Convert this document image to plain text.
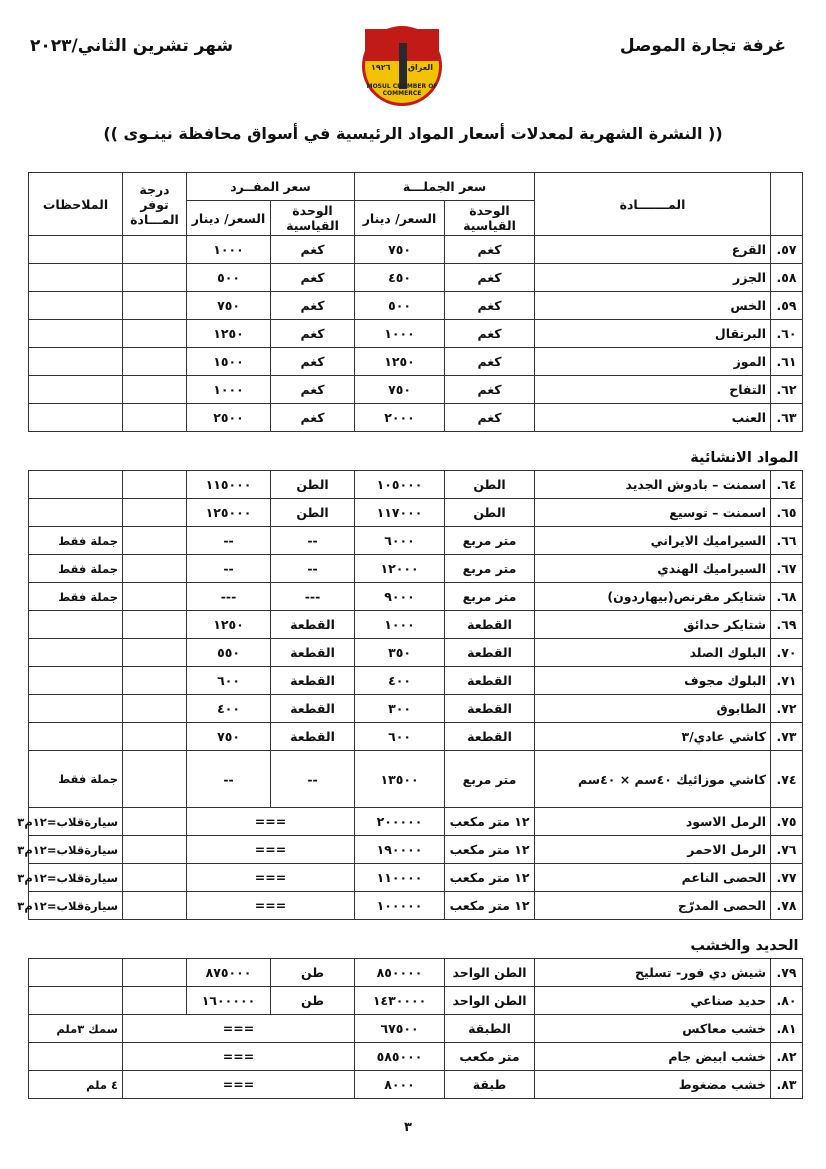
غرفة تجارة الموصل
شهر تشرين الثاني/٢٠٢٣
١٩٢٦ العراق
MOSUL CHAMBER OF COMMERCE
(( النشرة الشهرية لمعدلات أسعار المواد الرئيسية في أسواق محافظة نينـوى ))
	المـــــــادة	سعر الجملـــة		سعر المفــرد		درجة توفر المـــادة	الملاحظات
		الوحدة القياسية	السعر/ دينار	الوحدة القياسية	السعر/ دينار		
٥٧.	القرع	كغم	٧٥٠	كغم	١٠٠٠		
٥٨.	الجزر	كغم	٤٥٠	كغم	٥٠٠		
٥٩.	الخس	كغم	٥٠٠	كغم	٧٥٠		
٦٠.	البرتقال	كغم	١٠٠٠	كغم	١٢٥٠		
٦١.	الموز	كغم	١٢٥٠	كغم	١٥٠٠		
٦٢.	التفاح	كغم	٧٥٠	كغم	١٠٠٠		
٦٣.	العنب	كغم	٢٠٠٠	كغم	٢٥٠٠		
المواد الانشائية							
٦٤.	اسمنت – بادوش الجديد	الطن	١٠٥٠٠٠	الطن	١١٥٠٠٠		
٦٥.	اسمنت – توسيع	الطن	١١٧٠٠٠	الطن	١٢٥٠٠٠		
٦٦.	السيراميك الايراني	متر مربع	٦٠٠٠	--	--		جملة فقط
٦٧.	السيراميك الهندي	متر مربع	١٢٠٠٠	--	--		جملة فقط
٦٨.	شتايكر مقرنص(بيهاردون)	متر مربع	٩٠٠٠	---	---		جملة فقط
٦٩.	شتايكر حدائق	القطعة	١٠٠٠	القطعة	١٢٥٠		
٧٠.	البلوك الصلد	القطعة	٣٥٠	القطعة	٥٥٠		
٧١.	البلوك مجوف	القطعة	٤٠٠	القطعة	٦٠٠		
٧٢.	الطابوق	القطعة	٣٠٠	القطعة	٤٠٠		
٧٣.	كاشي عادي/٣	القطعة	٦٠٠	القطعة	٧٥٠		
٧٤.	كاشي موزائيك ٤٠سم × ٤٠سم	متر مربع	١٣٥٠٠	--	--		جملة فقط
٧٥.	الرمل الاسود	١٢ متر مكعب	٢٠٠٠٠٠	===			سيارةقلاب=١٢م٣
٧٦.	الرمل الاحمر	١٢ متر مكعب	١٩٠٠٠٠	===			سيارةقلاب=١٢م٣
٧٧.	الحصى الناعم	١٢ متر مكعب	١١٠٠٠٠	===			سيارةقلاب=١٢م٣
٧٨.	الحصى المدرّج	١٢ متر مكعب	١٠٠٠٠٠	===			سيارةقلاب=١٢م٣
الحديد والخشب							
٧٩.	شيش دي فور- تسليح	الطن الواحد	٨٥٠٠٠٠	طن	٨٧٥٠٠٠		
٨٠.	حديد صناعي	الطن الواحد	١٤٣٠٠٠٠	طن	١٦٠٠٠٠٠		
٨١.	خشب معاكس	الطبقة	٦٧٥٠٠	===			سمك ٣ملم
٨٢.	خشب ابيض جام	متر مكعب	٥٨٥٠٠٠	===			
٨٣.	خشب مضغوط	طبقة	٨٠٠٠	===			٤ ملم
٣
